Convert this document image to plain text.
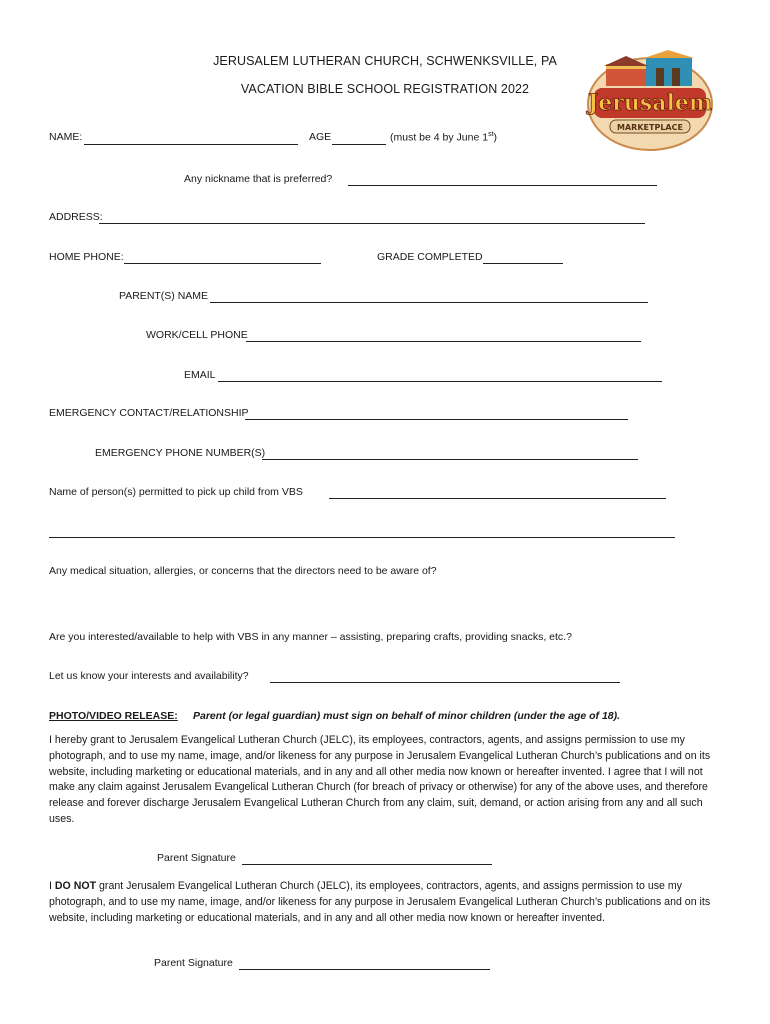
JERUSALEM LUTHERAN CHURCH, SCHWENKSVILLE, PA
VACATION BIBLE SCHOOL REGISTRATION 2022
Jerusalem
MARKETPLACE
NAME:	AGE	(must be 4 by June 1st)
Any nickname that is preferred?
ADDRESS:
HOME PHONE:	GRADE COMPLETED
PARENT(S) NAME
WORK/CELL PHONE
EMAIL
EMERGENCY CONTACT/RELATIONSHIP
EMERGENCY PHONE NUMBER(S)
Name of person(s) permitted to pick up child from VBS
Any medical situation, allergies, or concerns that the directors need to be aware of?
Are you interested/available to help with VBS in any manner – assisting, preparing crafts, providing snacks, etc.?
Let us know your interests and availability?
PHOTO/VIDEO RELEASE: Parent (or legal guardian) must sign on behalf of minor children (under the age of 18).
I hereby grant to Jerusalem Evangelical Lutheran Church (JELC), its employees, contractors, agents, and assigns permission to use my photograph, and to use my name, image, and/or likeness for any purpose in Jerusalem Evangelical Lutheran Church’s publications and on its website, including marketing or educational materials, and in any and all other media now known or hereafter invented. I agree that I will not make any claim against Jerusalem Evangelical Lutheran Church (for breach of privacy or otherwise) for any of the above uses, and therefore release and forever discharge Jerusalem Evangelical Lutheran Church from any claim, suit, demand, or action arising from any and all such uses.
Parent Signature
I DO NOT grant Jerusalem Evangelical Lutheran Church (JELC), its employees, contractors, agents, and assigns permission to use my photograph, and to use my name, image, and/or likeness for any purpose in Jerusalem Evangelical Lutheran Church’s publications and on its website, including marketing or educational materials, and in any and all other media now known or hereafter invented.
Parent Signature
